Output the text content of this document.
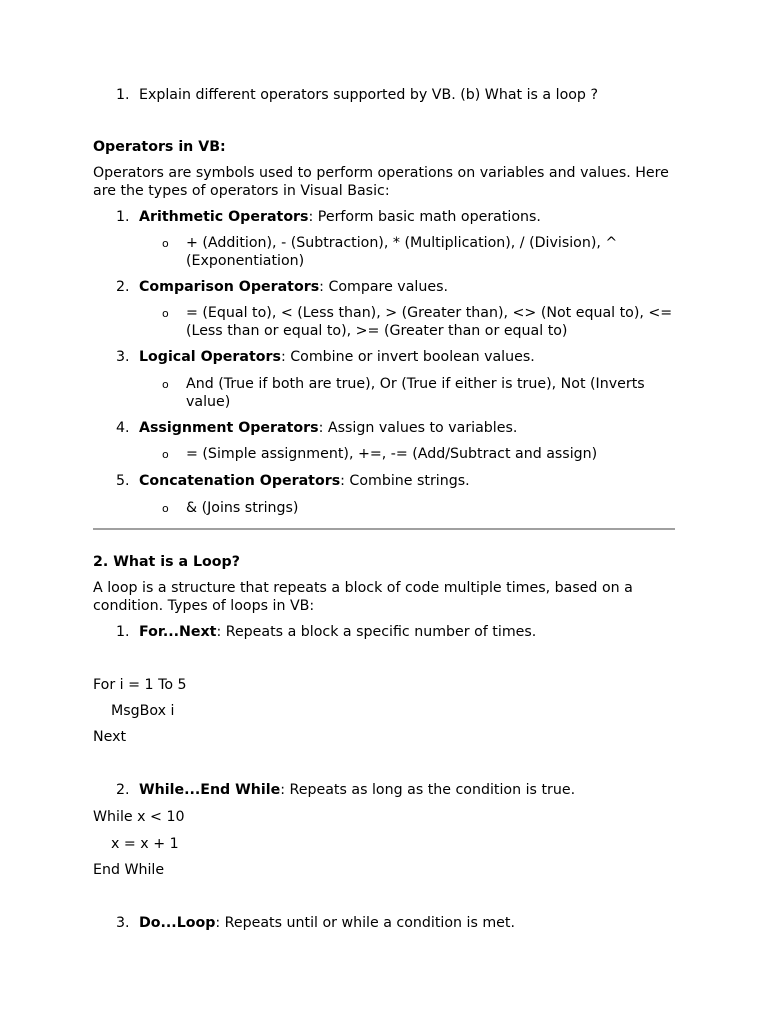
1. Explain different operators supported by VB. (b) What is a loop ?
Operators in VB:
Operators are symbols used to perform operations on variables and values. Here are the types of operators in Visual Basic:
1. Arithmetic Operators: Perform basic math operations.
o + (Addition), - (Subtraction), * (Multiplication), / (Division), ^ (Exponentiation)
2. Comparison Operators: Compare values.
o = (Equal to), < (Less than), > (Greater than), <> (Not equal to), <= (Less than or equal to), >= (Greater than or equal to)
3. Logical Operators: Combine or invert boolean values.
o And (True if both are true), Or (True if either is true), Not (Inverts value)
4. Assignment Operators: Assign values to variables.
o = (Simple assignment), +=, -= (Add/Subtract and assign)
5. Concatenation Operators: Combine strings.
o & (Joins strings)
2. What is a Loop?
A loop is a structure that repeats a block of code multiple times, based on a condition. Types of loops in VB:
1. For...Next: Repeats a block a specific number of times.
For i = 1 To 5
MsgBox i
Next
2. While...End While: Repeats as long as the condition is true.
While x < 10
x = x + 1
End While
3. Do...Loop: Repeats until or while a condition is met.
